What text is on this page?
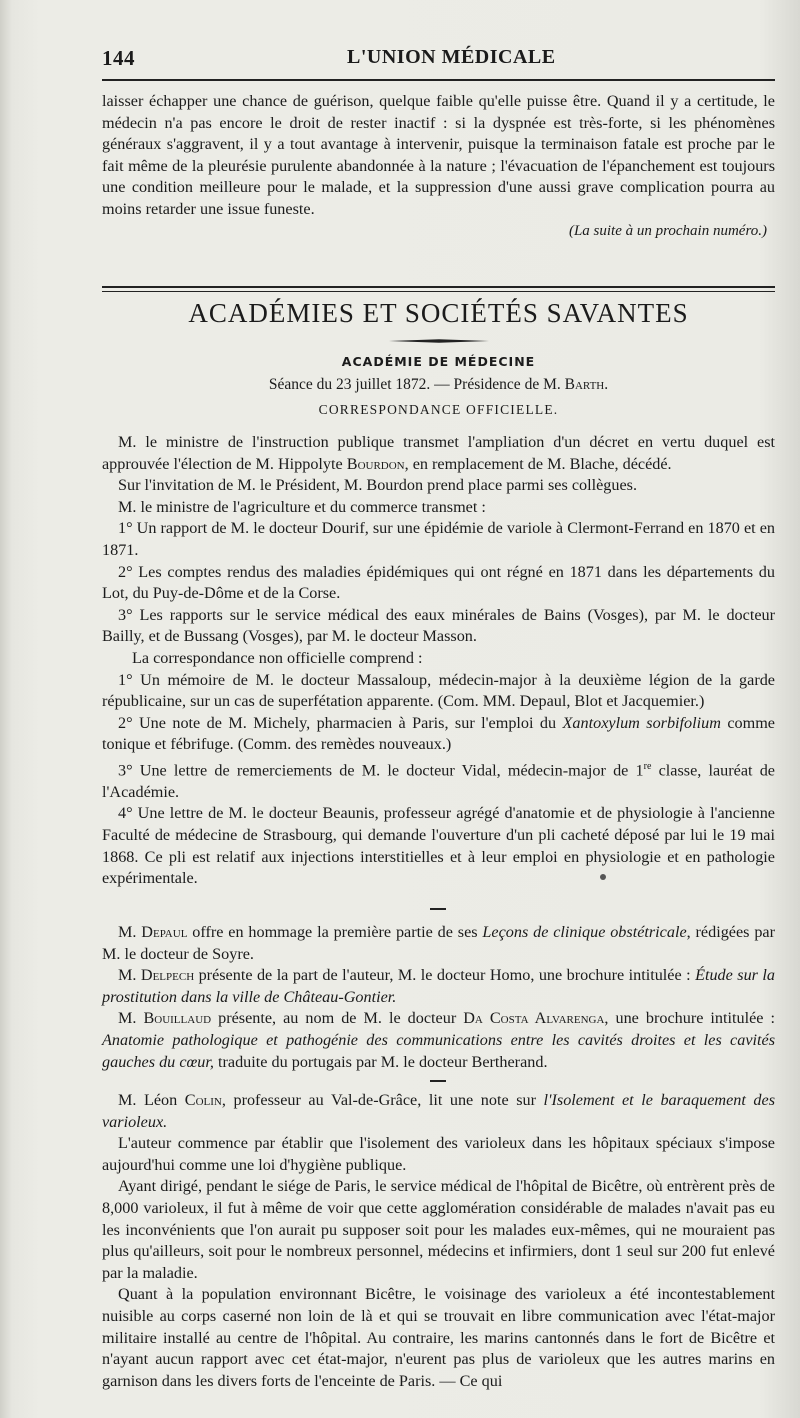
144	L'UNION MÉDICALE

laisser échapper une chance de guérison, quelque faible qu'elle puisse être. Quand il y a certitude, le médecin n'a pas encore le droit de rester inactif : si la dyspnée est très-forte, si les phénomènes généraux s'aggravent, il y a tout avantage à intervenir, puisque la terminaison fatale est proche par le fait même de la pleurésie purulente abandonnée à la nature ; l'évacuation de l'épanchement est toujours une condition meilleure pour le malade, et la suppression d'une aussi grave complication pourra au moins retarder une issue funeste.

(La suite à un prochain numéro.)

ACADÉMIES ET SOCIÉTÉS SAVANTES
ACADÉMIE DE MÉDECINE
Séance du 23 juillet 1872. — Présidence de M. Barth.
CORRESPONDANCE OFFICIELLE.

M. le ministre de l'instruction publique transmet l'ampliation d'un décret en vertu duquel est approuvée l'élection de M. Hippolyte Bourdon, en remplacement de M. Blache, décédé.

Sur l'invitation de M. le Président, M. Bourdon prend place parmi ses collègues.

M. le ministre de l'agriculture et du commerce transmet :

1° Un rapport de M. le docteur Dourif, sur une épidémie de variole à Clermont-Ferrand en 1870 et en 1871.

2° Les comptes rendus des maladies épidémiques qui ont régné en 1871 dans les départements du Lot, du Puy-de-Dôme et de la Corse.

3° Les rapports sur le service médical des eaux minérales de Bains (Vosges), par M. le docteur Bailly, et de Bussang (Vosges), par M. le docteur Masson.

La correspondance non officielle comprend :

1° Un mémoire de M. le docteur Massaloup, médecin-major à la deuxième légion de la garde républicaine, sur un cas de superfétation apparente. (Com. MM. Depaul, Blot et Jacquemier.)

2° Une note de M. Michely, pharmacien à Paris, sur l'emploi du Xantoxylum sorbifolium comme tonique et fébrifuge. (Comm. des remèdes nouveaux.)

3° Une lettre de remerciements de M. le docteur Vidal, médecin-major de 1re classe, lauréat de l'Académie.

4° Une lettre de M. le docteur Beaunis, professeur agrégé d'anatomie et de physiologie à l'ancienne Faculté de médecine de Strasbourg, qui demande l'ouverture d'un pli cacheté déposé par lui le 19 mai 1868. Ce pli est relatif aux injections interstitielles et à leur emploi en physiologie et en pathologie expérimentale.

M. Depaul offre en hommage la première partie de ses Leçons de clinique obstétricale, rédigées par M. le docteur de Soyre.

M. Delpech présente de la part de l'auteur, M. le docteur Homo, une brochure intitulée : Étude sur la prostitution dans la ville de Château-Gontier.

M. Bouillaud présente, au nom de M. le docteur Da Costa Alvarenga, une brochure intitulée : Anatomie pathologique et pathogénie des communications entre les cavités droites et les cavités gauches du cœur, traduite du portugais par M. le docteur Bertherand.

M. Léon Colin, professeur au Val-de-Grâce, lit une note sur l'Isolement et le baraquement des varioleux.

L'auteur commence par établir que l'isolement des varioleux dans les hôpitaux spéciaux s'impose aujourd'hui comme une loi d'hygiène publique.

Ayant dirigé, pendant le siége de Paris, le service médical de l'hôpital de Bicêtre, où entrèrent près de 8,000 varioleux, il fut à même de voir que cette agglomération considérable de malades n'avait pas eu les inconvénients que l'on aurait pu supposer soit pour les malades eux-mêmes, qui ne mouraient pas plus qu'ailleurs, soit pour le nombreux personnel, médecins et infirmiers, dont 1 seul sur 200 fut enlevé par la maladie.

Quant à la population environnant Bicêtre, le voisinage des varioleux a été incontestablement nuisible au corps caserné non loin de là et qui se trouvait en libre communication avec l'état-major militaire installé au centre de l'hôpital. Au contraire, les marins cantonnés dans le fort de Bicêtre et n'ayant aucun rapport avec cet état-major, n'eurent pas plus de varioleux que les autres marins en garnison dans les divers forts de l'enceinte de Paris. — Ce qui
